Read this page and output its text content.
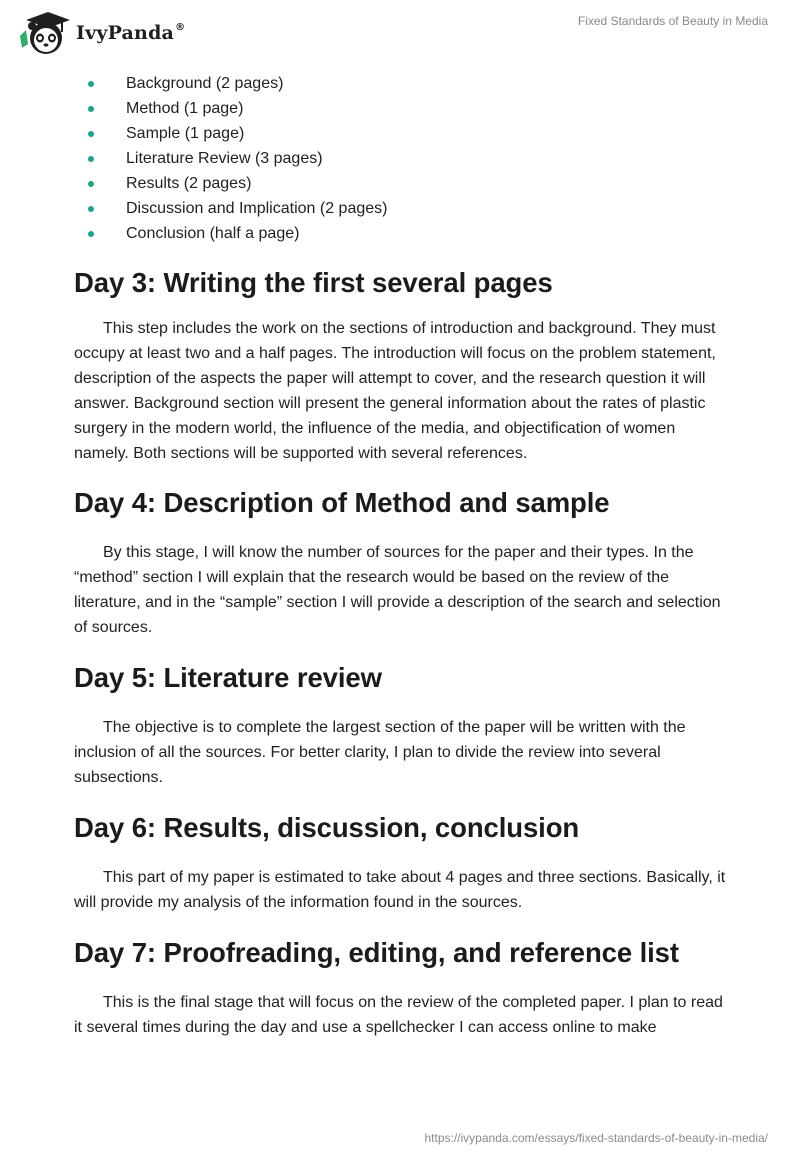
IvyPanda®	Fixed Standards of Beauty in Media
Background (2 pages)
Method (1 page)
Sample (1 page)
Literature Review (3 pages)
Results (2 pages)
Discussion and Implication (2 pages)
Conclusion (half a page)
Day 3: Writing the first several pages

This step includes the work on the sections of introduction and background. They must occupy at least two and a half pages. The introduction will focus on the problem statement, description of the aspects the paper will attempt to cover, and the research question it will answer. Background section will present the general information about the rates of plastic surgery in the modern world, the influence of the media, and objectification of women namely. Both sections will be supported with several references.

Day 4: Description of Method and sample

By this stage, I will know the number of sources for the paper and their types. In the “method” section I will explain that the research would be based on the review of the literature, and in the “sample” section I will provide a description of the search and selection of sources.

Day 5: Literature review

The objective is to complete the largest section of the paper will be written with the inclusion of all the sources. For better clarity, I plan to divide the review into several subsections.

Day 6: Results, discussion, conclusion

This part of my paper is estimated to take about 4 pages and three sections. Basically, it will provide my analysis of the information found in the sources.

Day 7: Proofreading, editing, and reference list

This is the final stage that will focus on the review of the completed paper. I plan to read it several times during the day and use a spellchecker I can access online to make

https://ivypanda.com/essays/fixed-standards-of-beauty-in-media/
